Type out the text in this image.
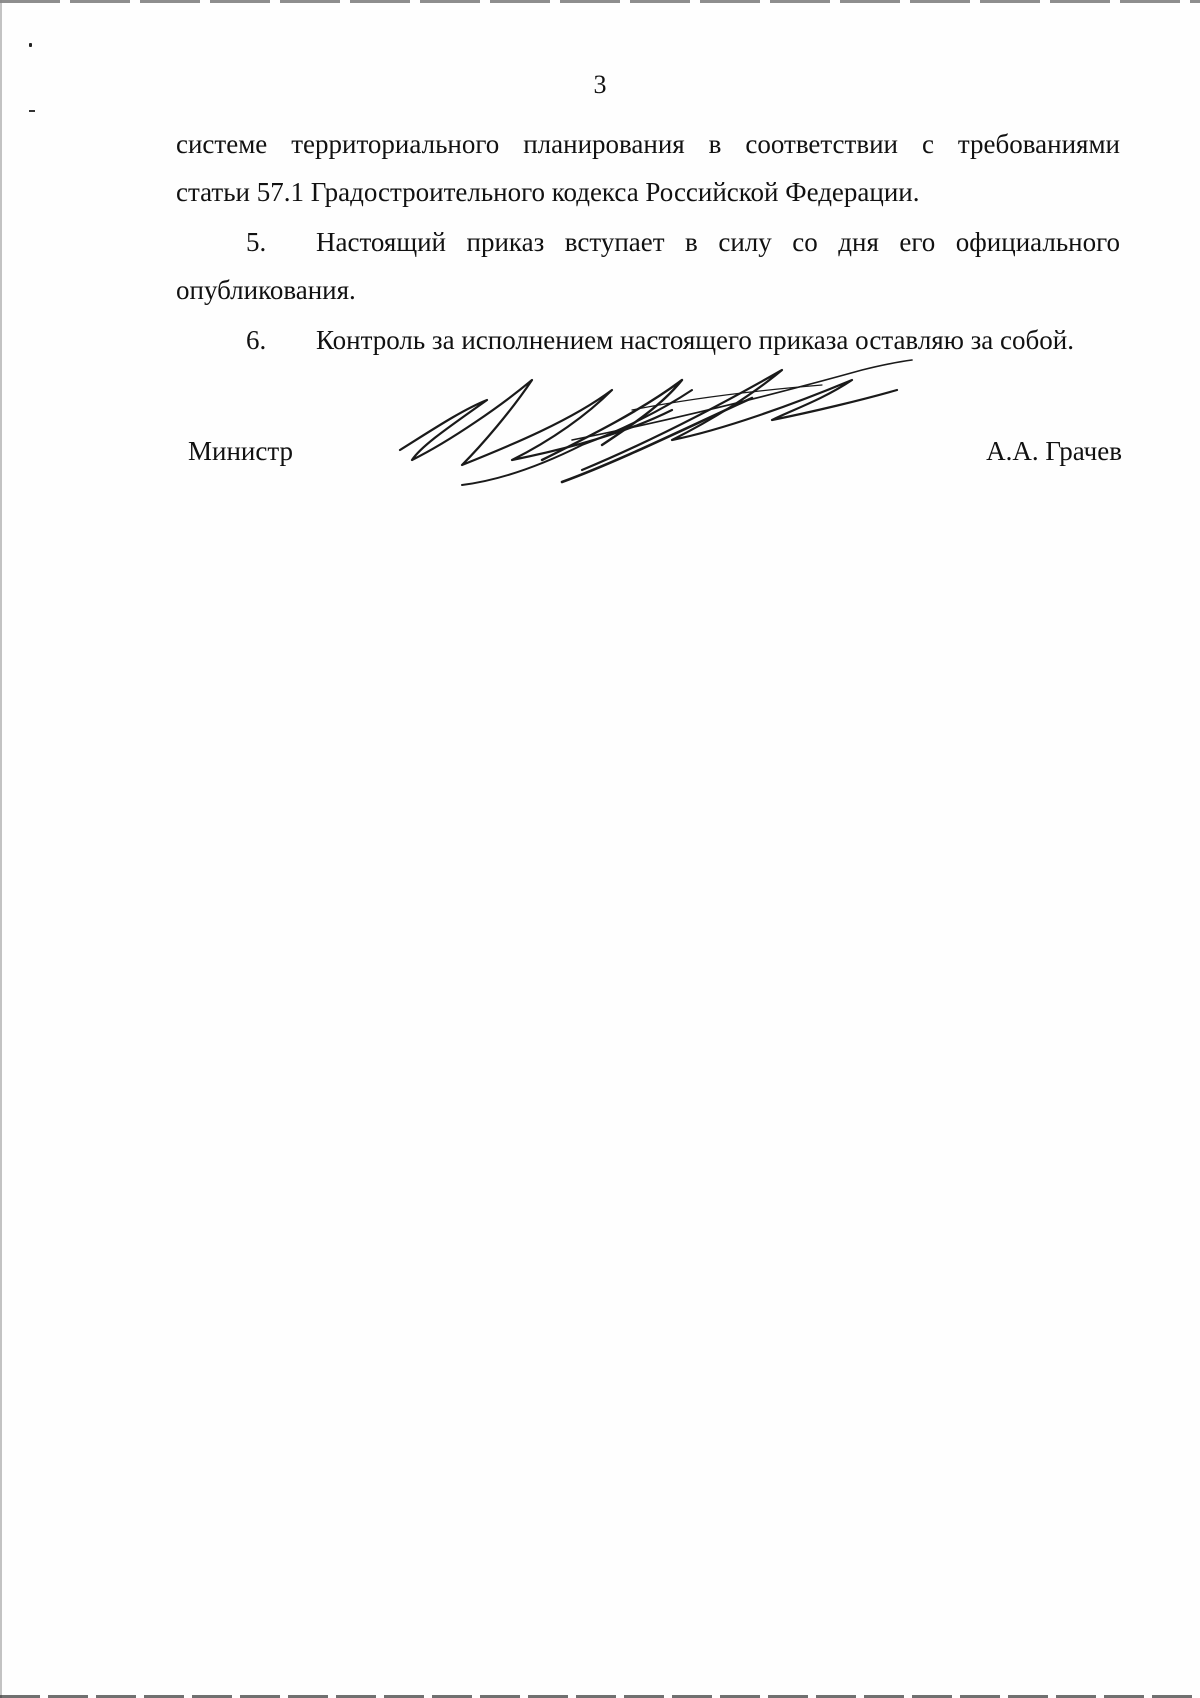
3
системе территориального планирования в соответствии с требованиями
статьи 57.1 Градостроительного кодекса Российской Федерации.
5. Настоящий приказ вступает в силу со дня его официального
опубликования.
6. Контроль за исполнением настоящего приказа оставляю за собой.
Министр	А.А. Грачев
